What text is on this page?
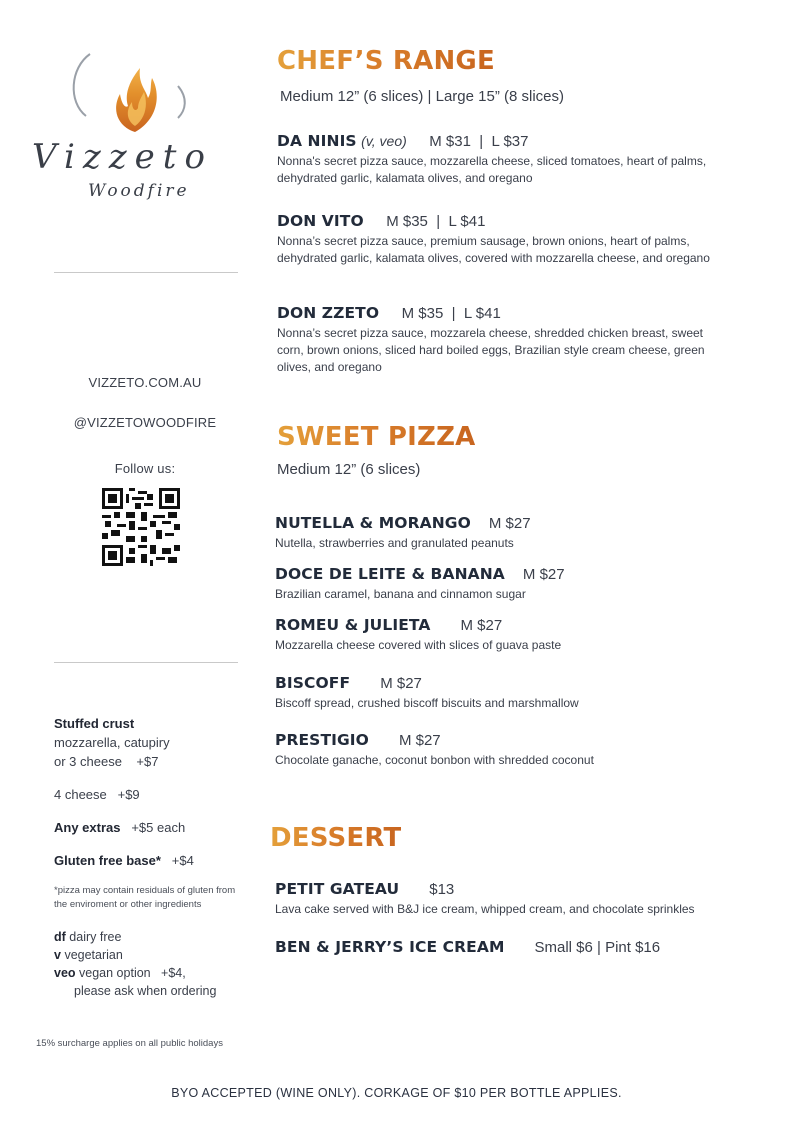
Vizzeto
Woodfire
VIZZETO.COM.AU
@VIZZETOWOODFIRE
Follow us:
Stuffed crust
mozzarella, catupiry
or 3 cheese +$7
4 cheese +$9
Any extras +$5 each
Gluten free base* +$4
*pizza may contain residuals of gluten from the enviroment or other ingredients
df dairy free
v vegetarian
veo vegan option   +$4,
please ask when ordering
15% surcharge applies on all public holidays
BYO ACCEPTED (WINE ONLY). CORKAGE OF $10 PER BOTTLE APPLIES.
CHEF’S RANGE
Medium 12” (6 slices) | Large 15” (8 slices)
DA NINIS (v, veo) M $31  |  L $37
Nonna's secret pizza sauce, mozzarella cheese, sliced tomatoes, heart of palms, dehydrated garlic, kalamata olives, and oregano
DON VITO M $35  |  L $41
Nonna’s secret pizza sauce, premium sausage, brown onions, heart of palms, dehydrated garlic, kalamata olives, covered with mozzarella cheese, and oregano
DON ZZETO M $35  |  L $41
Nonna’s secret pizza sauce, mozzarela cheese, shredded chicken breast, sweet corn, brown onions, sliced hard boiled eggs, Brazilian style cream cheese, green olives, and oregano
SWEET PIZZA
Medium 12” (6 slices)
NUTELLA & MORANGO M $27
Nutella, strawberries and granulated peanuts
DOCE DE LEITE & BANANA M $27
Brazilian caramel, banana and cinnamon sugar
ROMEU & JULIETA M $27
Mozzarella cheese covered with slices of guava paste
BISCOFF M $27
Biscoff spread, crushed biscoff biscuits and marshmallow
PRESTIGIO M $27
Chocolate ganache, coconut bonbon with shredded coconut
DESSERT
PETIT GATEAU $13
Lava cake served with B&J ice cream, whipped cream, and chocolate sprinkles
BEN & JERRY’S ICE CREAM Small $6 | Pint $16
